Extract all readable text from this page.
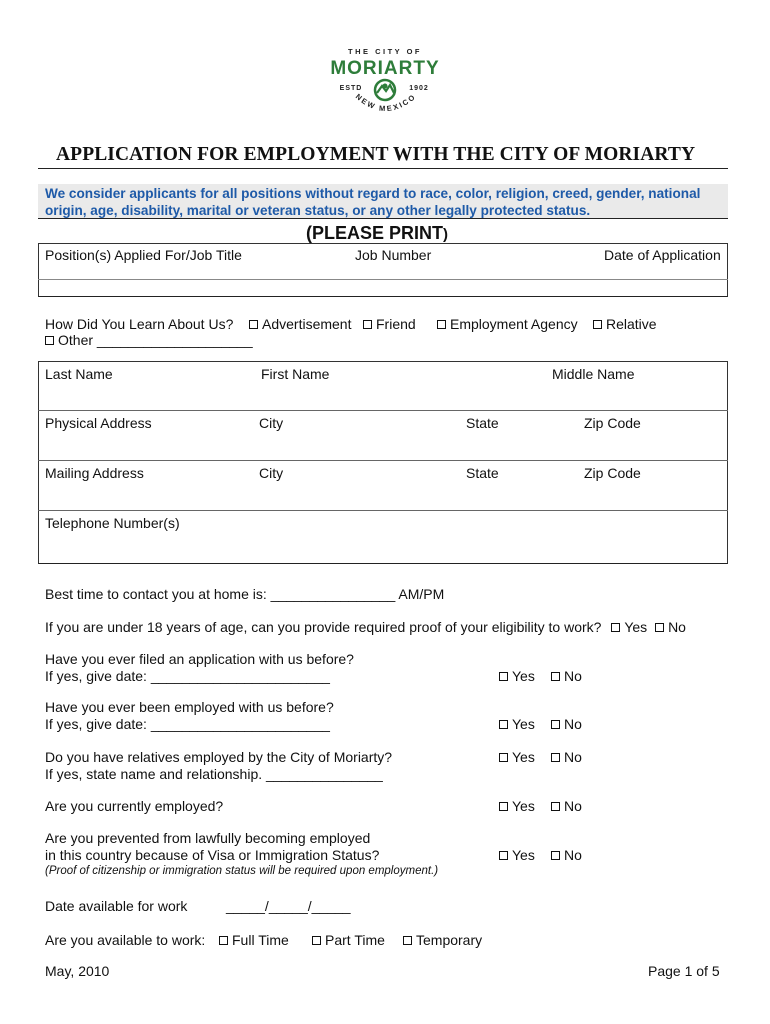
THE CITY OF
MORIARTY
ESTD	1902
NEW MEXICO
APPLICATION FOR EMPLOYMENT WITH THE CITY OF MORIARTY
We consider applicants for all positions without regard to race, color, religion, creed, gender, national
origin, age, disability, marital or veteran status, or any other legally protected status.
(PLEASE PRINT)
Position(s) Applied For/Job Title	Job Number	Date of Application
How Did You Learn About Us?	Advertisement	Friend	Employment Agency	Relative
Other ____________________
Last Name	First Name	Middle Name
Physical Address	City	State	Zip Code
Mailing Address	City	State	Zip Code
Telephone Number(s)
Best time to contact you at home is: ________________ AM/PM
If you are under 18 years of age, can you provide required proof of your eligibility to work? Yes No
Have you ever filed an application with us before?
If yes, give date: _______________________	Yes	No
Have you ever been employed with us before?
If yes, give date: _______________________	Yes	No
Do you have relatives employed by the City of Moriarty?
If yes, state name and relationship. _______________
Yes	No
Are you currently employed?	Yes	No
Are you prevented from lawfully becoming employed
in this country because of Visa or Immigration Status?	Yes	No
(Proof of citizenship or immigration status will be required upon employment.)
Date available for work	_____/_____/_____
Are you available to work:	Full Time	Part Time	Temporary
May, 2010	Page 1 of 5
